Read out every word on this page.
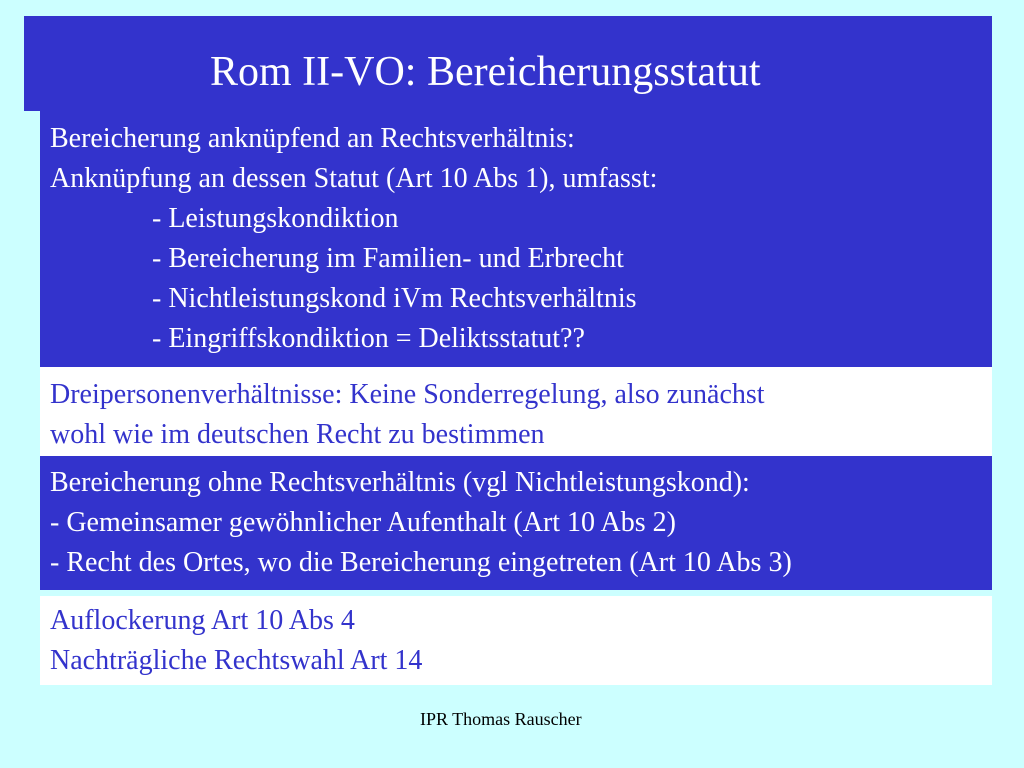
Rom II-VO: Bereicherungsstatut
Bereicherung anknüpfend an Rechtsverhältnis:
Anknüpfung an dessen Statut (Art 10 Abs 1), umfasst:
- Leistungskondiktion
- Bereicherung im Familien- und Erbrecht
- Nichtleistungskond iVm Rechtsverhältnis
- Eingriffskondiktion = Deliktsstatut??
Dreipersonenverhältnisse: Keine Sonderregelung, also zunächst
wohl wie im deutschen Recht zu bestimmen
Bereicherung ohne Rechtsverhältnis (vgl Nichtleistungskond):
- Gemeinsamer gewöhnlicher Aufenthalt (Art 10 Abs 2)
- Recht des Ortes, wo die Bereicherung eingetreten (Art 10 Abs 3)
Auflockerung Art 10 Abs 4
Nachträgliche Rechtswahl Art 14
IPR Thomas Rauscher
